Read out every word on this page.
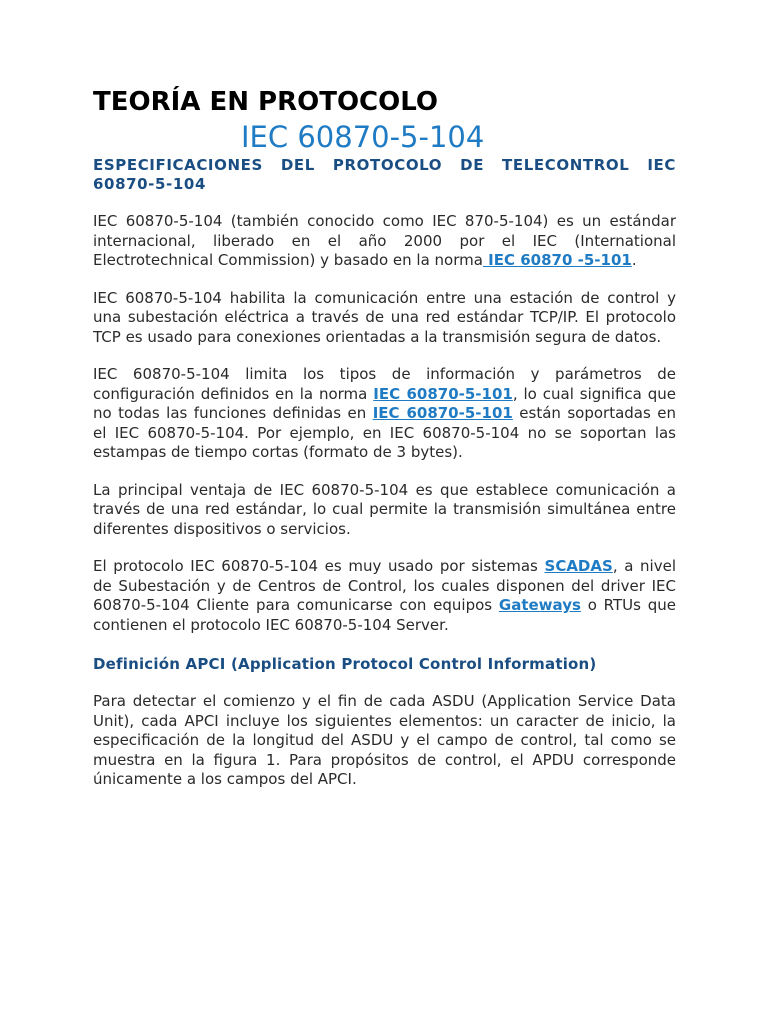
TEORÍA EN PROTOCOLO
IEC 60870-5-104
ESPECIFICACIONES DEL PROTOCOLO DE TELECONTROL IEC 60870-5-104

IEC 60870-5-104 (también conocido como IEC 870-5-104) es un estándar internacional, liberado en el año 2000 por el IEC (International Electrotechnical Commission) y basado en la norma IEC 60870 -5-101.

IEC 60870-5-104 habilita la comunicación entre una estación de control y una subestación eléctrica a través de una red estándar TCP/IP. El protocolo TCP es usado para conexiones orientadas a la transmisión segura de datos.

IEC 60870-5-104 limita los tipos de información y parámetros de configuración definidos en la norma IEC 60870-5-101, lo cual significa que no todas las funciones definidas en IEC 60870-5-101 están soportadas en el IEC 60870-5-104. Por ejemplo, en IEC 60870-5-104 no se soportan las estampas de tiempo cortas (formato de 3 bytes).

La principal ventaja de IEC 60870-5-104 es que establece comunicación a través de una red estándar, lo cual permite la transmisión simultánea entre diferentes dispositivos o servicios.

El protocolo IEC 60870-5-104 es muy usado por sistemas SCADAS, a nivel de Subestación y de Centros de Control, los cuales disponen del driver IEC 60870-5-104 Cliente para comunicarse con equipos Gateways o RTUs que contienen el protocolo IEC 60870-5-104 Server.

Definición APCI (Application Protocol Control Information)

Para detectar el comienzo y el fin de cada ASDU (Application Service Data Unit), cada APCI incluye los siguientes elementos: un caracter de inicio, la especificación de la longitud del ASDU y el campo de control, tal como se muestra en la figura 1. Para propósitos de control, el APDU corresponde únicamente a los campos del APCI.
